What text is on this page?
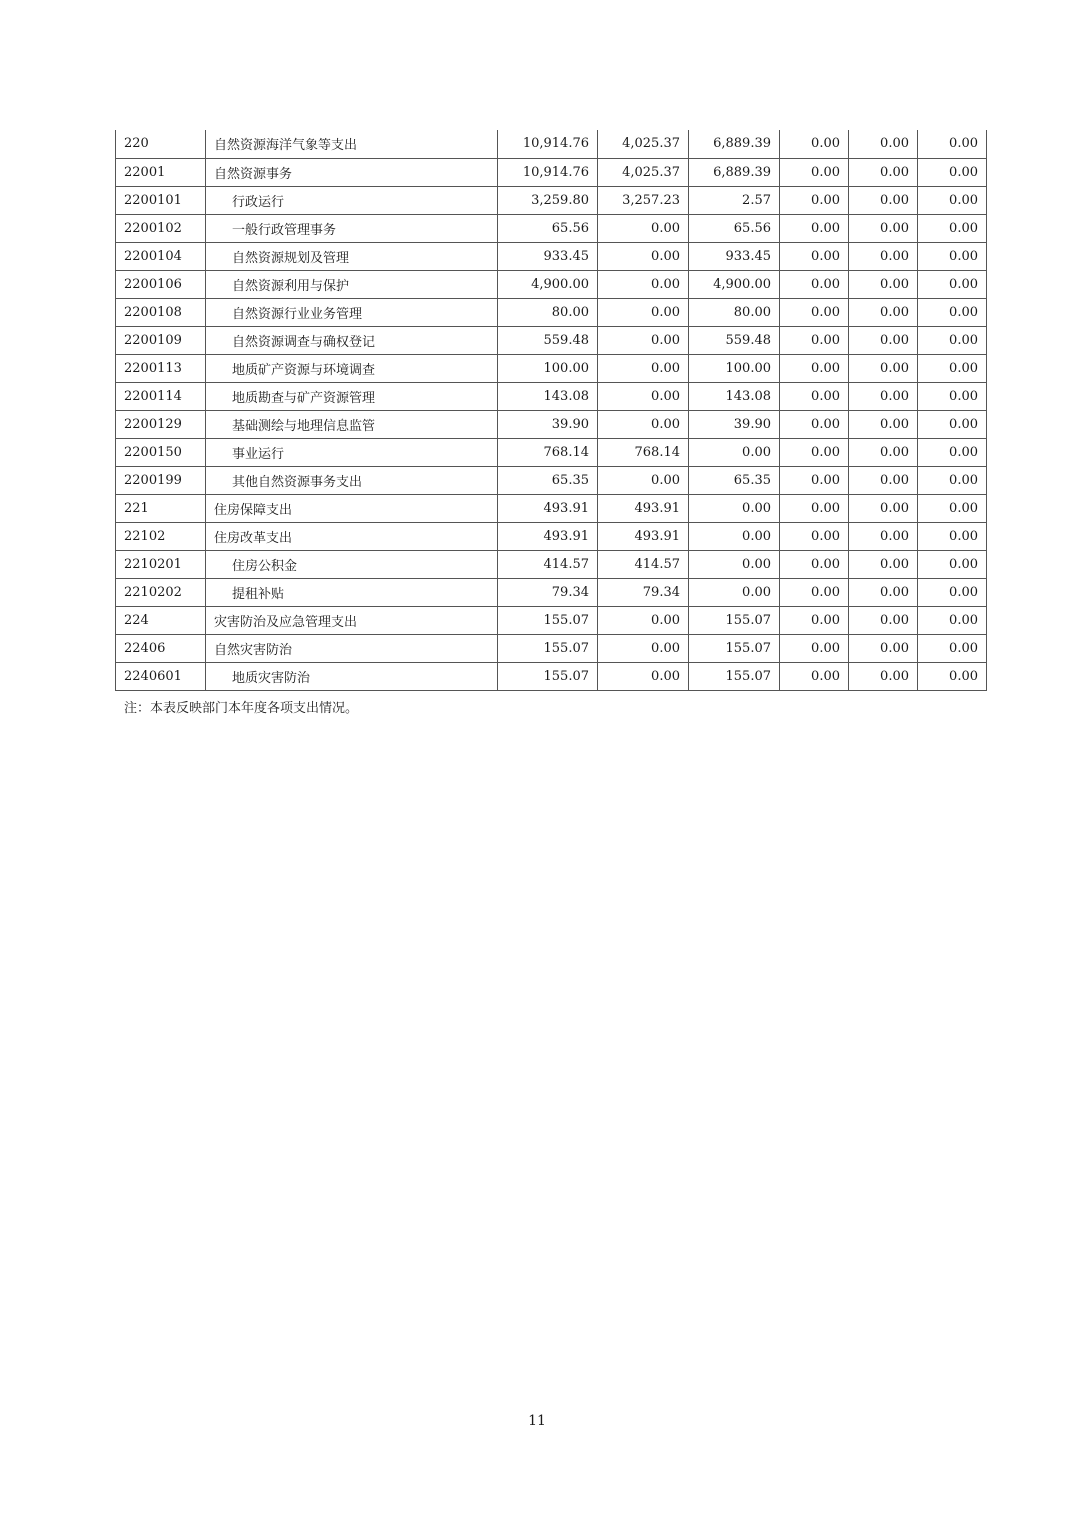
220	自然资源海洋气象等支出	10,914.76	4,025.37	6,889.39	0.00	0.00	0.00
22001	自然资源事务	10,914.76	4,025.37	6,889.39	0.00	0.00	0.00
2200101	行政运行	3,259.80	3,257.23	2.57	0.00	0.00	0.00
2200102	一般行政管理事务	65.56	0.00	65.56	0.00	0.00	0.00
2200104	自然资源规划及管理	933.45	0.00	933.45	0.00	0.00	0.00
2200106	自然资源利用与保护	4,900.00	0.00	4,900.00	0.00	0.00	0.00
2200108	自然资源行业业务管理	80.00	0.00	80.00	0.00	0.00	0.00
2200109	自然资源调查与确权登记	559.48	0.00	559.48	0.00	0.00	0.00
2200113	地质矿产资源与环境调查	100.00	0.00	100.00	0.00	0.00	0.00
2200114	地质勘查与矿产资源管理	143.08	0.00	143.08	0.00	0.00	0.00
2200129	基础测绘与地理信息监管	39.90	0.00	39.90	0.00	0.00	0.00
2200150	事业运行	768.14	768.14	0.00	0.00	0.00	0.00
2200199	其他自然资源事务支出	65.35	0.00	65.35	0.00	0.00	0.00
221	住房保障支出	493.91	493.91	0.00	0.00	0.00	0.00
22102	住房改革支出	493.91	493.91	0.00	0.00	0.00	0.00
2210201	住房公积金	414.57	414.57	0.00	0.00	0.00	0.00
2210202	提租补贴	79.34	79.34	0.00	0.00	0.00	0.00
224	灾害防治及应急管理支出	155.07	0.00	155.07	0.00	0.00	0.00
22406	自然灾害防治	155.07	0.00	155.07	0.00	0.00	0.00
2240601	地质灾害防治	155.07	0.00	155.07	0.00	0.00	0.00
注：本表反映部门本年度各项支出情况。
11
